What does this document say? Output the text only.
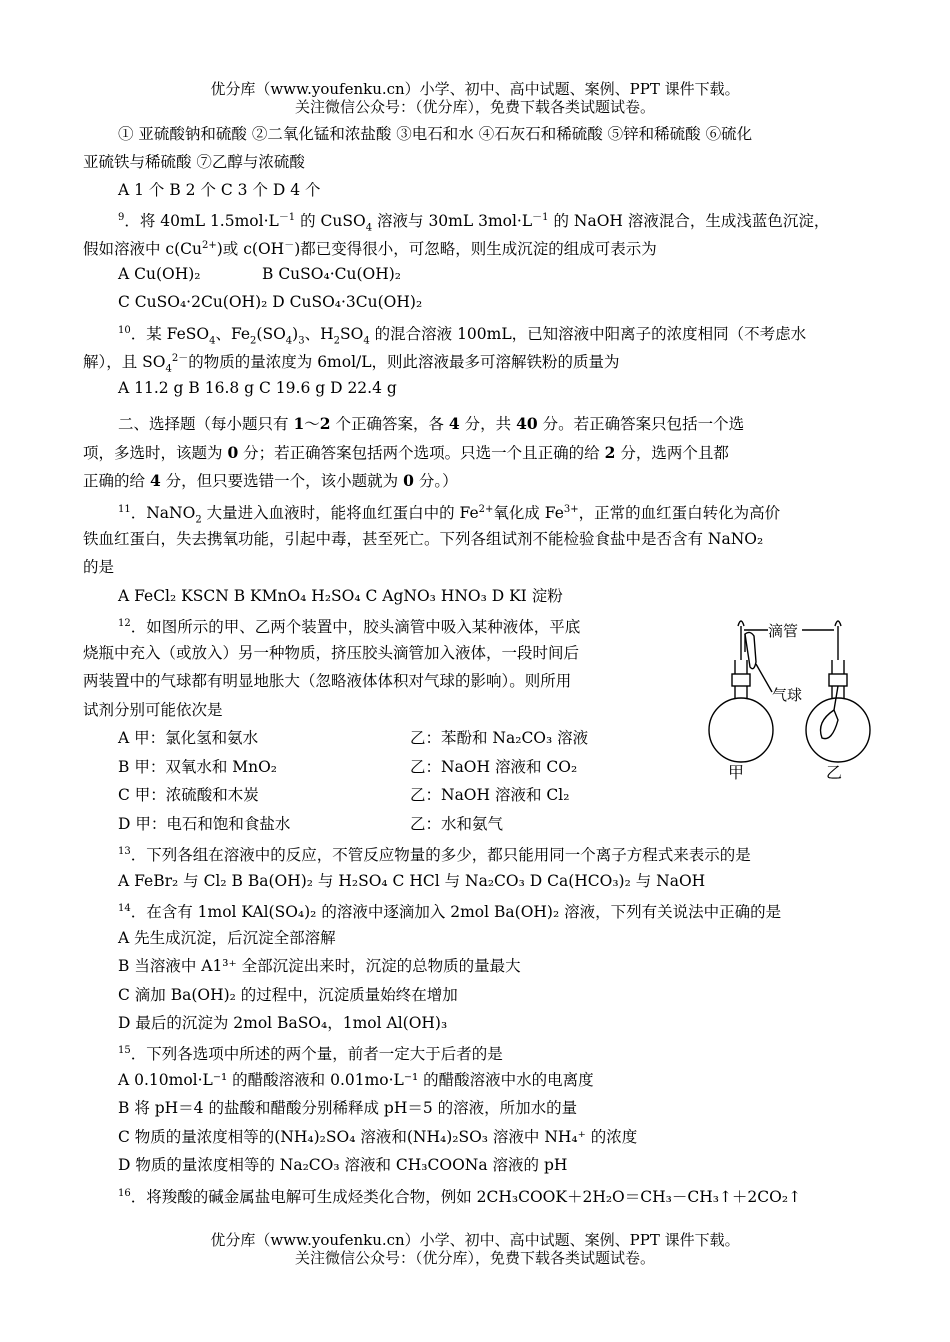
优分库（www.youfenku.cn）小学、初中、高中试题、案例、PPT 课件下载。
关注微信公众号：（优分库），免费下载各类试题试卷。
① 亚硫酸钠和硫酸 ②二氧化锰和浓盐酸 ③电石和水 ④石灰石和稀硫酸 ⑤锌和稀硫酸 ⑥硫化
亚硫铁与稀硫酸 ⑦乙醇与浓硫酸
A 1 个 B 2 个 C 3 个 D 4 个
$^9$．将 40mL $1.5mol\cdot L^{-1}$ 的 CuSO$_4$ 溶液与 30mL $3mol\cdot L^{-1}$ 的 NaOH 溶液混合，生成浅蓝色沉淀，
假如溶液中 $c(Cu^{2+})$或 c(OH－)都已变得很小，可忽略，则生成沉淀的组成可表示为
A Cu(OH)₂	B CuSO₄·Cu(OH)₂
C CuSO₄·2Cu(OH)₂ D CuSO₄·3Cu(OH)₂
$^{10}$．某 FeSO$_4$、$Fe_2(SO_4)_3$、$H_2SO_4$ 的混合溶液 100mL，已知溶液中阳离子的浓度相同（不考虑水
解），且 $SO_4^{2-}$的物质的量浓度为 6mol/L，则此溶液最多可溶解铁粉的质量为
A 11.2 g B 16.8 g C 19.6 g D 22.4 g
二、选择题（每小题只有 1～2 个正确答案，各 4 分，共 40 分。若正确答案只包括一个选
项，多选时，该题为 0 分；若正确答案包括两个选项。只选一个且正确的给 2 分，选两个且都
正确的给 4 分，但只要选错一个，该小题就为 0 分。）
$^{11}$．NaNO$_2$ 大量进入血液时，能将血红蛋白中的 $Fe^{2+}$氧化成 $Fe^{3+}$，正常的血红蛋白转化为高价
铁血红蛋白，失去携氧功能，引起中毒，甚至死亡。下列各组试剂不能检验食盐中是否含有 NaNO₂
的是
A FeCl₂ KSCN B KMnO₄ H₂SO₄ C AgNO₃ HNO₃ D KI 淀粉
$^{12}$．如图所示的甲、乙两个装置中，胶头滴管中吸入某种液体，平底
烧瓶中充入（或放入）另一种物质，挤压胶头滴管加入液体，一段时间后
两装置中的气球都有明显地胀大（忽略液体体积对气球的影响）。则所用
试剂分别可能依次是
A 甲：氯化氢和氨水	乙：苯酚和 Na₂CO₃ 溶液
B 甲：双氧水和 MnO₂	乙：NaOH 溶液和 CO₂
C 甲：浓硫酸和木炭	乙：NaOH 溶液和 Cl₂
D 甲：电石和饱和食盐水	乙：水和氨气
滴管
气球
甲	乙
$^{13}$．下列各组在溶液中的反应，不管反应物量的多少，都只能用同一个离子方程式来表示的是
A FeBr₂ 与 Cl₂ B Ba(OH)₂ 与 H₂SO₄ C HCl 与 Na₂CO₃ D Ca(HCO₃)₂ 与 NaOH
$^{14}$．在含有 1mol KAl(SO₄)₂ 的溶液中逐滴加入 2mol Ba(OH)₂ 溶液，下列有关说法中正确的是
A 先生成沉淀，后沉淀全部溶解
B 当溶液中 A1³⁺ 全部沉淀出来时，沉淀的总物质的量最大
C 滴加 Ba(OH)₂ 的过程中，沉淀质量始终在增加
D 最后的沉淀为 2mol BaSO₄，1mol Al(OH)₃
$^{15}$．下列各选项中所述的两个量，前者一定大于后者的是
A 0.10mol·L⁻¹ 的醋酸溶液和 0.01mo·L⁻¹ 的醋酸溶液中水的电离度
B 将 pH＝4 的盐酸和醋酸分别稀释成 pH＝5 的溶液，所加水的量
C 物质的量浓度相等的(NH₄)₂SO₄ 溶液和(NH₄)₂SO₃ 溶液中 NH₄⁺ 的浓度
D 物质的量浓度相等的 Na₂CO₃ 溶液和 CH₃COONa 溶液的 pH
$^{16}$．将羧酸的碱金属盐电解可生成烃类化合物，例如 2CH₃COOK＋2H₂O＝CH₃－CH₃↑＋2CO₂↑
优分库（www.youfenku.cn）小学、初中、高中试题、案例、PPT 课件下载。
关注微信公众号：（优分库），免费下载各类试题试卷。
